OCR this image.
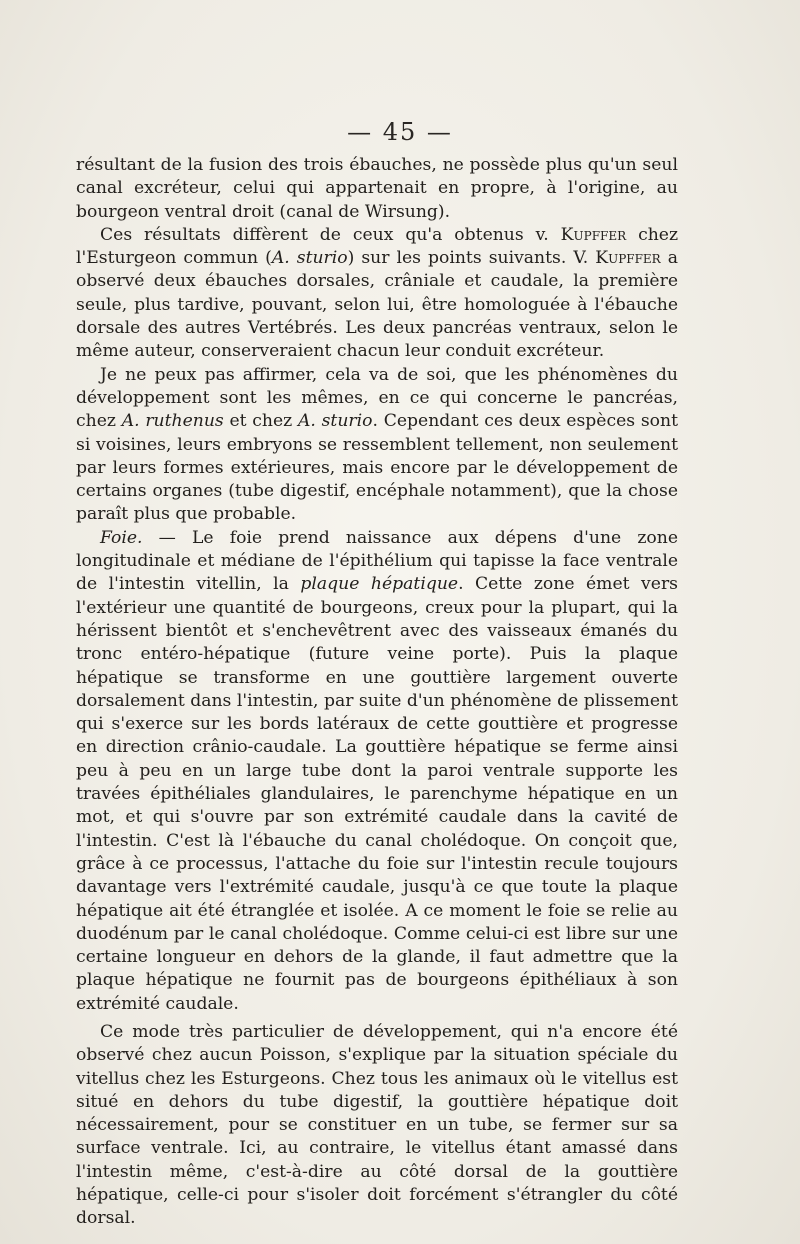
— 45 —

résultant de la fusion des trois ébauches, ne possède plus qu'un seul canal excréteur, celui qui appartenait en propre, à l'origine, au bourgeon ventral droit (canal de Wirsung).

Ces résultats diffèrent de ceux qu'a obtenus v. Kupffer chez l'Esturgeon commun (A. sturio) sur les points suivants. V. Kupffer a observé deux ébauches dorsales, crâniale et caudale, la première seule, plus tardive, pouvant, selon lui, être homologuée à l'ébauche dorsale des autres Vertébrés. Les deux pancréas ventraux, selon le même auteur, conserveraient chacun leur conduit excréteur.

Je ne peux pas affirmer, cela va de soi, que les phénomènes du développement sont les mêmes, en ce qui concerne le pancréas, chez A. ruthenus et chez A. sturio. Cependant ces deux espèces sont si voisines, leurs embryons se ressemblent tellement, non seulement par leurs formes extérieures, mais encore par le développement de certains organes (tube digestif, encéphale notamment), que la chose paraît plus que probable.

Foie. — Le foie prend naissance aux dépens d'une zone longitudinale et médiane de l'épithélium qui tapisse la face ventrale de l'intestin vitellin, la plaque hépatique. Cette zone émet vers l'extérieur une quantité de bourgeons, creux pour la plupart, qui la hérissent bientôt et s'enchevêtrent avec des vaisseaux émanés du tronc entéro-hépatique (future veine porte). Puis la plaque hépatique se transforme en une gouttière largement ouverte dorsalement dans l'intestin, par suite d'un phénomène de plissement qui s'exerce sur les bords latéraux de cette gouttière et progresse en direction crânio-caudale. La gouttière hépatique se ferme ainsi peu à peu en un large tube dont la paroi ventrale supporte les travées épithéliales glandulaires, le parenchyme hépatique en un mot, et qui s'ouvre par son extrémité caudale dans la cavité de l'intestin. C'est là l'ébauche du canal cholédoque. On conçoit que, grâce à ce processus, l'attache du foie sur l'intestin recule toujours davantage vers l'extrémité caudale, jusqu'à ce que toute la plaque hépatique ait été étranglée et isolée. A ce moment le foie se relie au duodénum par le canal cholédoque. Comme celui-ci est libre sur une certaine longueur en dehors de la glande, il faut admettre que la plaque hépatique ne fournit pas de bourgeons épithéliaux à son extrémité caudale.

Ce mode très particulier de développement, qui n'a encore été observé chez aucun Poisson, s'explique par la situation spéciale du vitellus chez les Esturgeons. Chez tous les animaux où le vitellus est situé en dehors du tube digestif, la gouttière hépatique doit nécessairement, pour se constituer en un tube, se fermer sur sa surface ventrale. Ici, au contraire, le vitellus étant amassé dans l'intestin même, c'est-à-dire au côté dorsal de la gouttière hépatique, celle-ci pour s'isoler doit forcément s'étrangler du côté dorsal.
